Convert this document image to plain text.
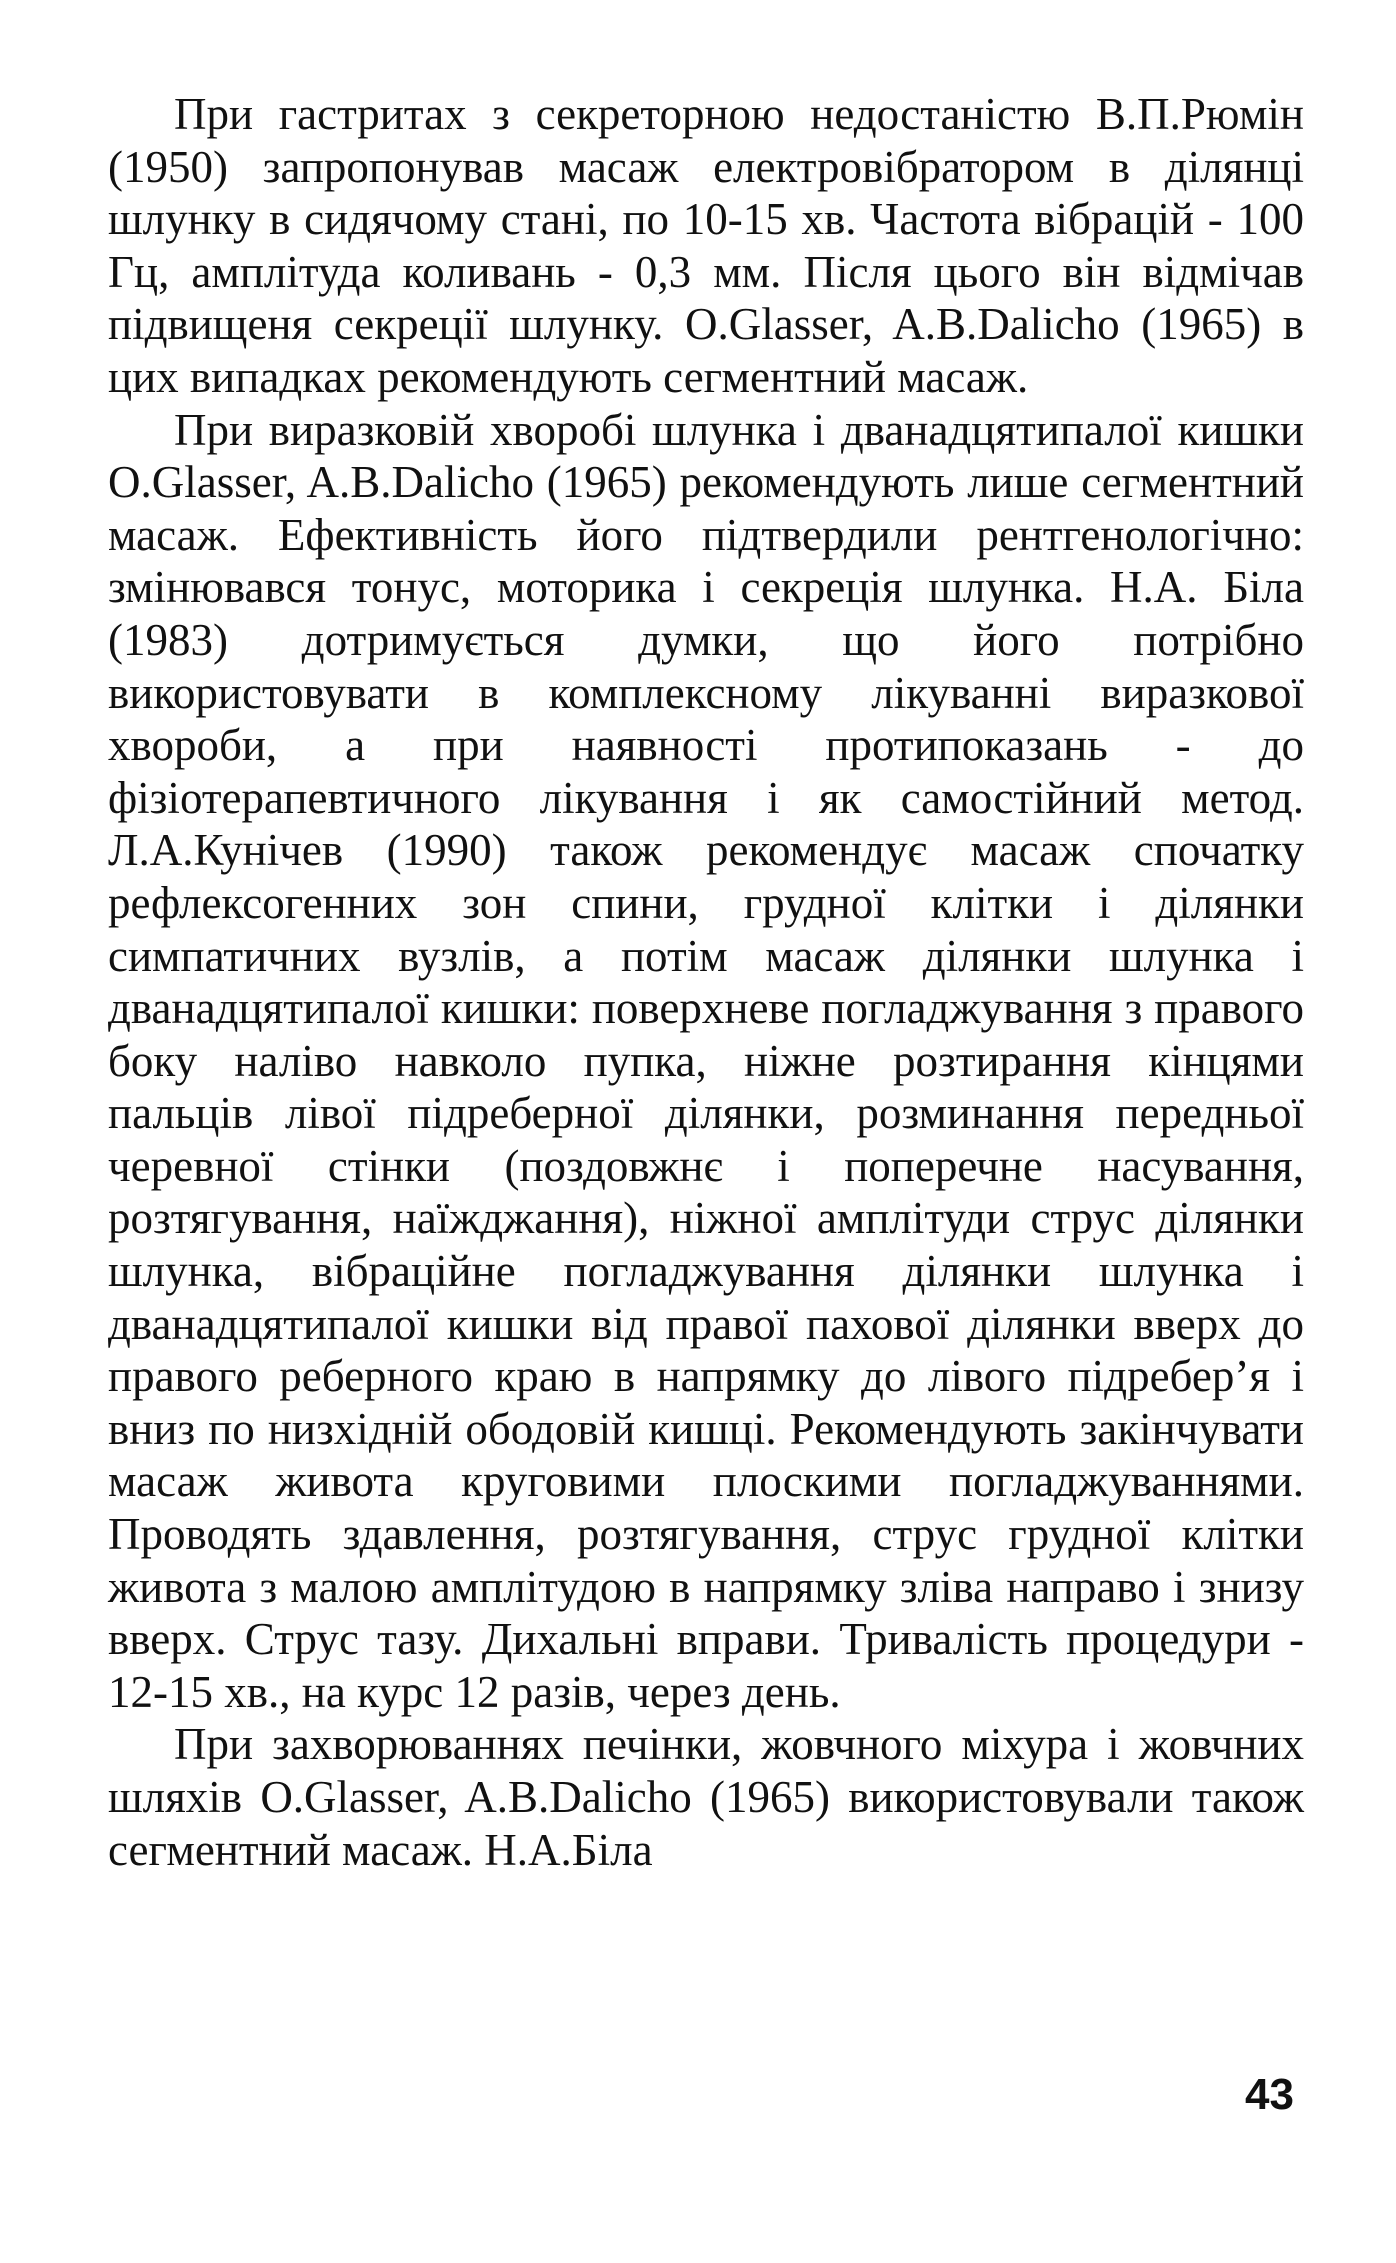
При гастритах з секреторною недостаністю В.П.Рюмін (1950) запропонував масаж електровібратором в ділянці шлунку в сидячому стані, по 10-15 хв. Частота вібрацій - 100 Гц, амплітуда коливань - 0,3 мм. Після цього він відмічав підвищеня секреції шлунку. O.Glasser, A.B.Dalicho (1965) в цих випадках рекомендують сегментний масаж.

При виразковій хворобі шлунка і дванадцятипалої кишки O.Glasser, A.B.Dalicho (1965) рекомендують лише сегментний масаж. Ефективність його підтвердили рентгенологічно: змінювався тонус, моторика і секреція шлунка. Н.А. Біла (1983) дотримується думки, що його потрібно використовувати в комплексному лікуванні виразкової хвороби, а при наявності протипоказань - до фізіотерапевтичного лікування і як самостійний метод. Л.А.Кунічев (1990) також рекомендує масаж спочатку рефлексогенних зон спини, грудної клітки і ділянки симпатичних вузлів, а потім масаж ділянки шлунка і дванадцятипалої кишки: поверхневе погладжування з правого боку наліво навколо пупка, ніжне розтирання кінцями пальців лівої підреберної ділянки, розминання передньої черевної стінки (поздовжнє і поперечне насування, розтягування, наїжджання), ніжної амплітуди струс ділянки шлунка, вібраційне погладжування ділянки шлунка і дванадцятипалої кишки від правої пахової ділянки вверх до правого реберного краю в напрямку до лівого підребер’я і вниз по низхідній ободовій кишці. Рекомендують закінчувати масаж живота круговими плоскими погладжуваннями. Проводять здавлення, розтягування, струс грудної клітки живота з малою амплітудою в напрямку зліва направо і знизу вверх. Струс тазу. Дихальні вправи. Тривалість процедури - 12-15 хв., на курс 12 разів, через день.

При захворюваннях печінки, жовчного міхура і жовчних шляхів O.Glasser, A.B.Dalicho (1965) використовували також сегментний масаж. Н.А.Біла

43
